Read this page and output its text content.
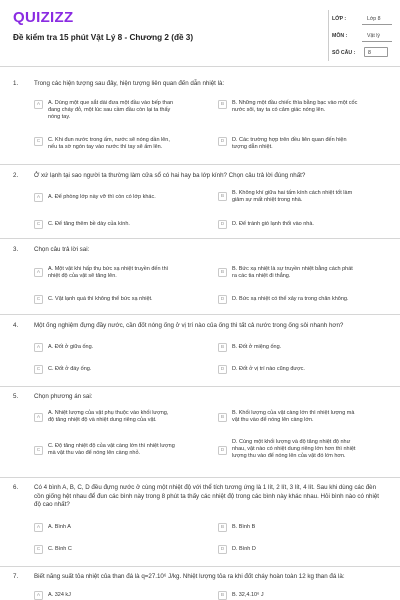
QUIZIZZ
Đề kiểm tra 15 phút Vật Lý 8 - Chương 2 (đề 3)
LỚP :	Lớp 8
MÔN :	Vật lý
SỐ CÂU : 8
1.	Trong các hiện tượng sau đây, hiện tượng liên quan đến dẫn nhiệt là:
A	A. Dùng một que sắt dài đưa một đầu vào bếp than
đang cháy đỏ, một lúc sau cầm đầu còn lại ta thấy
nóng tay.
B	B. Những một đầu chiếc thìa bằng bạc vào một cốc
nước sôi, tay ta có cảm giác nóng lên.
C	C. Khi đun nước trong ấm, nước sẽ nóng dần lên,
nếu ta sờ ngón tay vào nước thì tay sẽ ấm lên.
D	D. Các trường hợp trên đều liên quan đến hiện
tượng dẫn nhiệt.
2.	Ở xứ lạnh tại sao người ta thường làm cửa sổ có hai hay ba lớp kính? Chọn câu trả lời đúng nhất?
A	A. Để phòng lớp này vỡ thì còn có lớp khác.	B
B. Không khí giữa hai tấm kính cách nhiệt tốt làm
giảm sự mất nhiệt trong nhà.
C	C. Để tăng thêm bề dày của kính.	D	D. Để tránh gió lạnh thổi vào nhà.
3.	Chọn câu trả lời sai:
A
A. Một vật khi hấp thụ bức xạ nhiệt truyền đến thì
nhiệt độ của vật sẽ tăng lên.
B
B. Bức xạ nhiệt là sự truyền nhiệt bằng cách phát
ra các tia nhiệt đi thẳng.
C	C. Vật lạnh quá thì không thể bức xạ nhiệt.	D	D. Bức xạ nhiệt có thể xảy ra trong chân không.
4.	Một ống nghiệm đựng đầy nước, cần đốt nóng ống ở vị trí nào của ống thì tất cả nước trong ống sôi nhanh hơn?
A	A. Đốt ở giữa ống.	B	B. Đốt ở miệng ống.
C	C. Đốt ở đáy ống.	D	D. Đốt ở vị trí nào cũng được.
5.	Chọn phương án sai:
A
A. Nhiệt lượng của vật phụ thuộc vào khối lượng,
độ tăng nhiệt độ và nhiệt dung riêng của vật.	B
B. Khối lượng của vật càng lớn thì nhiệt lượng mà
vật thu vào để nóng lên càng lớn.
C
C. Độ tăng nhiệt độ của vật càng lớn thì nhiệt lượng
mà vật thu vào để nóng lên càng nhỏ.	D
D. Cùng một khối lượng và độ tăng nhiệt độ như
nhau, vật nào có nhiệt dung riêng lớn hơn thì nhiệt
lượng thu vào để nóng lên của vật đó lớn hơn.
6.	Có 4 bình A, B, C, D đều đựng nước ở cùng một nhiệt độ với thể tích tương ứng là 1 lít, 2 lít, 3 lít, 4 lít. Sau khi dùng các đèn cồn giống hệt nhau để đun các bình này trong 8 phút ta thấy các nhiệt độ trong các bình này khác nhau. Hỏi bình nào có nhiệt độ cao nhất?
A	A. Bình A	B	B. Bình B
C	C. Bình C	D	D. Bình D
7.	Biết năng suất tỏa nhiệt của than đá là q=27.10⁶ J/kg. Nhiệt lượng tỏa ra khi đốt cháy hoàn toàn 12 kg than đá là:
A	A. 324 kJ	B	B. 32,4.10⁶ J
